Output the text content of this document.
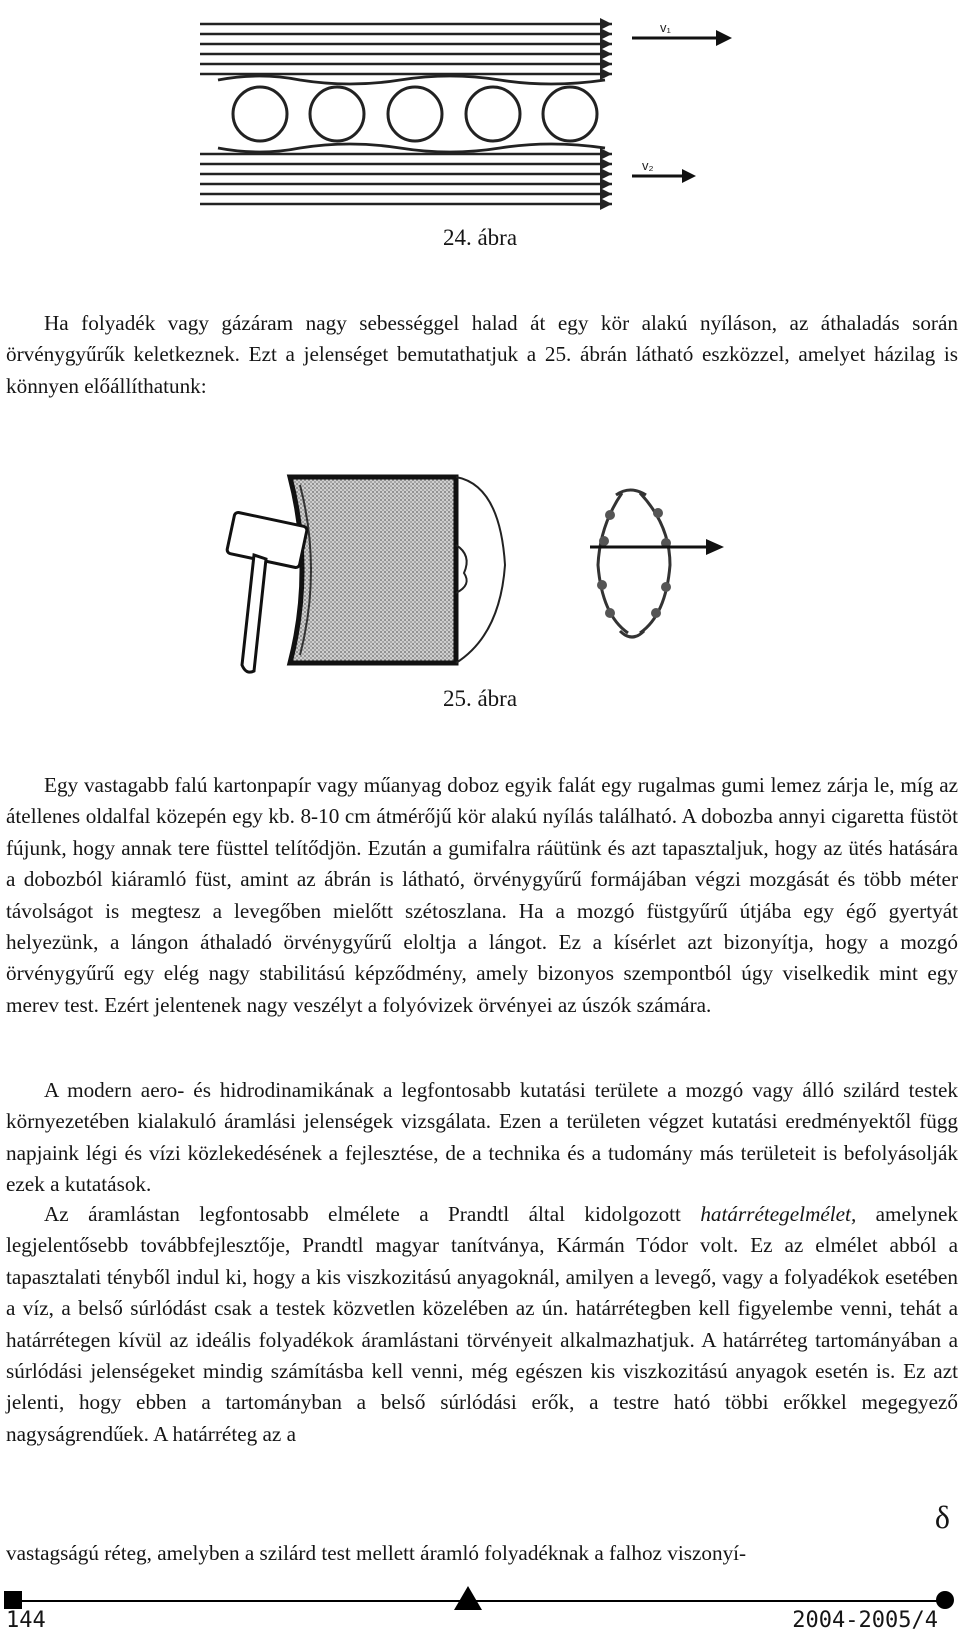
v₁
v₂
24. ábra

Ha folyadék vagy gázáram nagy sebességgel halad át egy kör alakú nyíláson, az áthaladás során örvénygyűrűk keletkeznek. Ezt a jelenséget bemutathatjuk a 25. ábrán látható eszközzel, amelyet házilag is könnyen előállíthatunk:

25. ábra

Egy vastagabb falú kartonpapír vagy műanyag doboz egyik falát egy rugalmas gumi lemez zárja le, míg az átellenes oldalfal közepén egy kb. 8-10 cm átmérőjű kör alakú nyílás található. A dobozba annyi cigaretta füstöt fújunk, hogy annak tere füsttel telítődjön. Ezután a gumifalra ráütünk és azt tapasztaljuk, hogy az ütés hatására a dobozból kiáramló füst, amint az ábrán is látható, örvénygyűrű formájában végzi mozgását és több méter távolságot is megtesz a levegőben mielőtt szétoszlana. Ha a mozgó füstgyűrű útjába egy égő gyertyát helyezünk, a lángon áthaladó örvénygyűrű eloltja a lángot. Ez a kísérlet azt bizonyítja, hogy a mozgó örvénygyűrű egy elég nagy stabilitású képződmény, amely bizonyos szempontból úgy viselkedik mint egy merev test. Ezért jelentenek nagy veszélyt a folyóvizek örvényei az úszók számára.

A modern aero- és hidrodinamikának a legfontosabb kutatási területe a mozgó vagy álló szilárd testek környezetében kialakuló áramlási jelenségek vizsgálata. Ezen a területen végzet kutatási eredményektől függ napjaink légi és vízi közlekedésének a fejlesztése, de a technika és a tudomány más területeit is befolyásolják ezek a kutatások.

Az áramlástan legfontosabb elmélete a Prandtl által kidolgozott határrétegelmélet, amelynek legjelentősebb továbbfejlesztője, Prandtl magyar tanítványa, Kármán Tódor volt. Ez az elmélet abból a tapasztalati tényből indul ki, hogy a kis viszkozitású anyagoknál, amilyen a levegő, vagy a folyadékok esetében a víz, a belső súrlódást csak a testek közvetlen közelében az ún. határrétegben kell figyelembe venni, tehát a határrétegen kívül az ideális folyadékok áramlástani törvényeit alkalmazhatjuk. A határréteg tartományában a súrlódási jelenségeket mindig számításba kell venni, még egészen kis viszkozitású anyagok esetén is. Ez azt jelenti, hogy ebben a tartományban a belső súrlódási erők, a testre ható többi erőkkel megegyező nagyságrendűek. A határréteg az a

δ

vastagságú réteg, amelyben a szilárd test mellett áramló folyadéknak a falhoz viszonyí-

144	2004-2005/4
